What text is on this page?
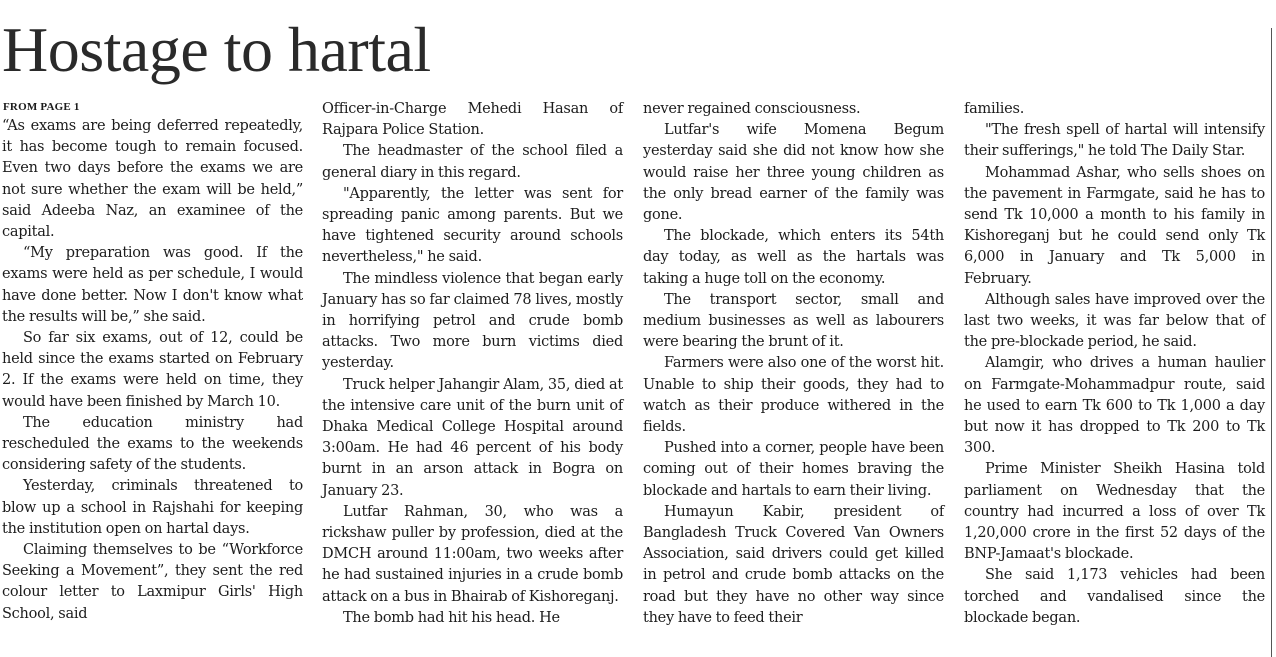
Hostage to hartal
FROM PAGE 1

“As exams are being deferred repeatedly, it has become tough to remain focused. Even two days before the exams we are not sure whether the exam will be held,” said Adeeba Naz, an examinee of the capital.

“My preparation was good. If the exams were held as per schedule, I would have done better. Now I don't know what the results will be,” she said.

So far six exams, out of 12, could be held since the exams started on February 2. If the exams were held on time, they would have been finished by March 10.

The education ministry had rescheduled the exams to the weekends considering safety of the students.

Yesterday, criminals threatened to blow up a school in Rajshahi for keeping the institution open on hartal days.

Claiming themselves to be “Workforce Seeking a Movement”, they sent the red colour letter to Laxmipur Girls' High School, said

Officer-in-Charge Mehedi Hasan of Rajpara Police Station.

The headmaster of the school filed a general diary in this regard.

"Apparently, the letter was sent for spreading panic among parents. But we have tightened security around schools nevertheless," he said.

The mindless violence that began early January has so far claimed 78 lives, mostly in horrifying petrol and crude bomb attacks. Two more burn victims died yesterday.

Truck helper Jahangir Alam, 35, died at the intensive care unit of the burn unit of Dhaka Medical College Hospital around 3:00am. He had 46 percent of his body burnt in an arson attack in Bogra on January 23.

Lutfar Rahman, 30, who was a rickshaw puller by profession, died at the DMCH around 11:00am, two weeks after he had sustained injuries in a crude bomb attack on a bus in Bhairab of Kishoreganj.

The bomb had hit his head. He

never regained consciousness.

Lutfar's wife Momena Begum yesterday said she did not know how she would raise her three young children as the only bread earner of the family was gone.

The blockade, which enters its 54th day today, as well as the hartals was taking a huge toll on the economy.

The transport sector, small and medium businesses as well as labourers were bearing the brunt of it.

Farmers were also one of the worst hit. Unable to ship their goods, they had to watch as their produce withered in the fields.

Pushed into a corner, people have been coming out of their homes braving the blockade and hartals to earn their living.

Humayun Kabir, president of Bangladesh Truck Covered Van Owners Association, said drivers could get killed in petrol and crude bomb attacks on the road but they have no other way since they have to feed their

families.

"The fresh spell of hartal will intensify their sufferings," he told The Daily Star.

Mohammad Ashar, who sells shoes on the pavement in Farmgate, said he has to send Tk 10,000 a month to his family in Kishoreganj but he could send only Tk 6,000 in January and Tk 5,000 in February.

Although sales have improved over the last two weeks, it was far below that of the pre-blockade period, he said.

Alamgir, who drives a human haulier on Farmgate-Mohammadpur route, said he used to earn Tk 600 to Tk 1,000 a day but now it has dropped to Tk 200 to Tk 300.

Prime Minister Sheikh Hasina told parliament on Wednesday that the country had incurred a loss of over Tk 1,20,000 crore in the first 52 days of the BNP-Jamaat's blockade.

She said 1,173 vehicles had been torched and vandalised since the blockade began.
